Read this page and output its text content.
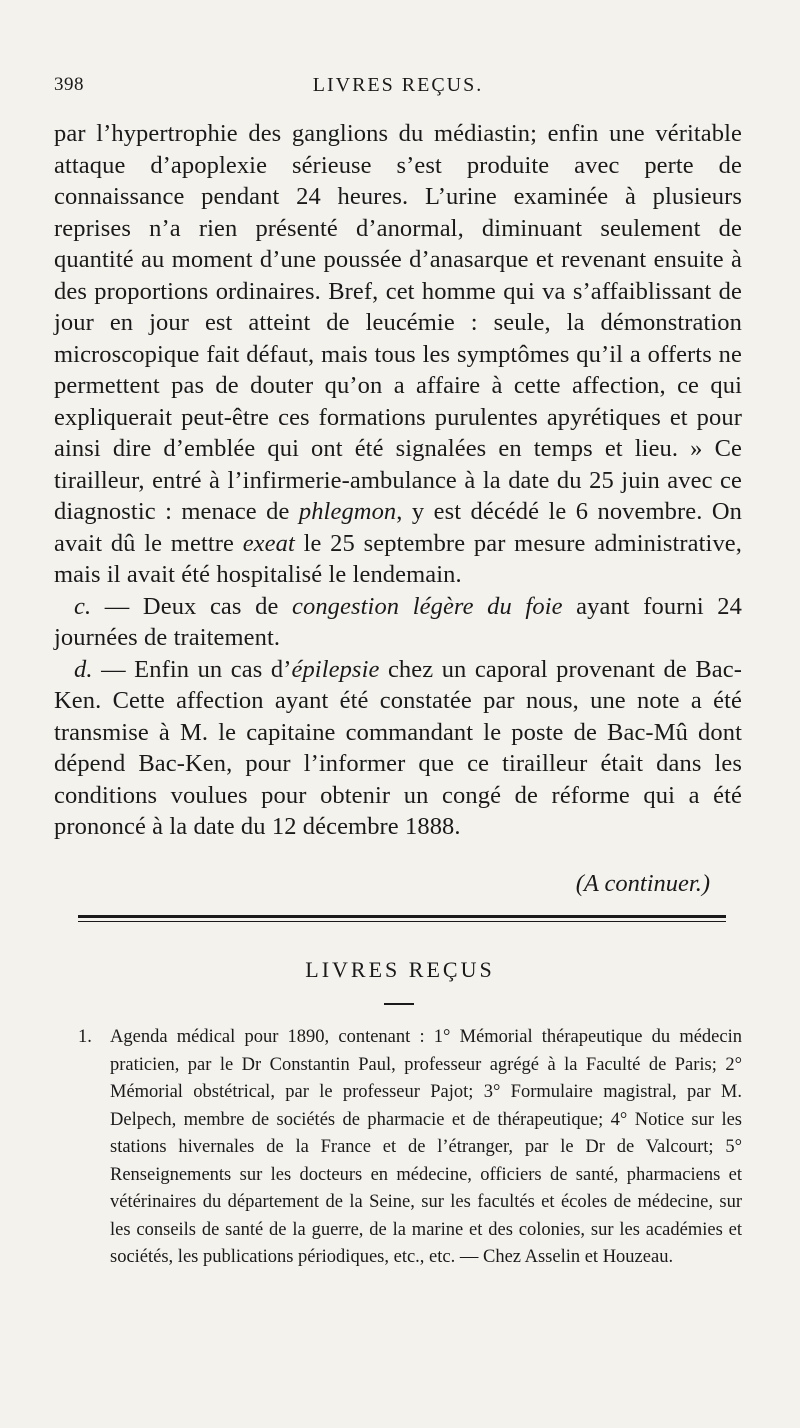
398	LIVRES REÇUS.

par l’hypertrophie des ganglions du médiastin; enfin une véritable attaque d’apoplexie sérieuse s’est produite avec perte de connaissance pendant 24 heures. L’urine examinée à plusieurs reprises n’a rien présenté d’anormal, diminuant seulement de quantité au moment d’une poussée d’anasarque et revenant ensuite à des proportions ordinaires. Bref, cet homme qui va s’affaiblissant de jour en jour est atteint de leucémie : seule, la démonstration microscopique fait défaut, mais tous les symptômes qu’il a offerts ne permettent pas de douter qu’on a affaire à cette affection, ce qui expliquerait peut-être ces formations purulentes apyrétiques et pour ainsi dire d’emblée qui ont été signalées en temps et lieu. » Ce tirailleur, entré à l’infirmerie-ambulance à la date du 25 juin avec ce diagnostic : menace de phlegmon, y est décédé le 6 novembre. On avait dû le mettre exeat le 25 septembre par mesure administrative, mais il avait été hospitalisé le lendemain.

c. — Deux cas de congestion légère du foie ayant fourni 24 journées de traitement.

d. — Enfin un cas d’épilepsie chez un caporal provenant de Bac-Ken. Cette affection ayant été constatée par nous, une note a été transmise à M. le capitaine commandant le poste de Bac-Mû dont dépend Bac-Ken, pour l’informer que ce tirailleur était dans les conditions voulues pour obtenir un congé de réforme qui a été prononcé à la date du 12 décembre 1888.

(A continuer.)
LIVRES REÇUS
1. Agenda médical pour 1890, contenant : 1° Mémorial thérapeutique du médecin praticien, par le Dr Constantin Paul, professeur agrégé à la Faculté de Paris; 2° Mémorial obstétrical, par le professeur Pajot; 3° Formulaire magistral, par M. Delpech, membre de sociétés de pharmacie et de thérapeutique; 4° Notice sur les stations hivernales de la France et de l’étranger, par le Dr de Valcourt; 5° Renseignements sur les docteurs en médecine, officiers de santé, pharmaciens et vétérinaires du département de la Seine, sur les facultés et écoles de médecine, sur les conseils de santé de la guerre, de la marine et des colonies, sur les académies et sociétés, les publications périodiques, etc., etc. — Chez Asselin et Houzeau.
